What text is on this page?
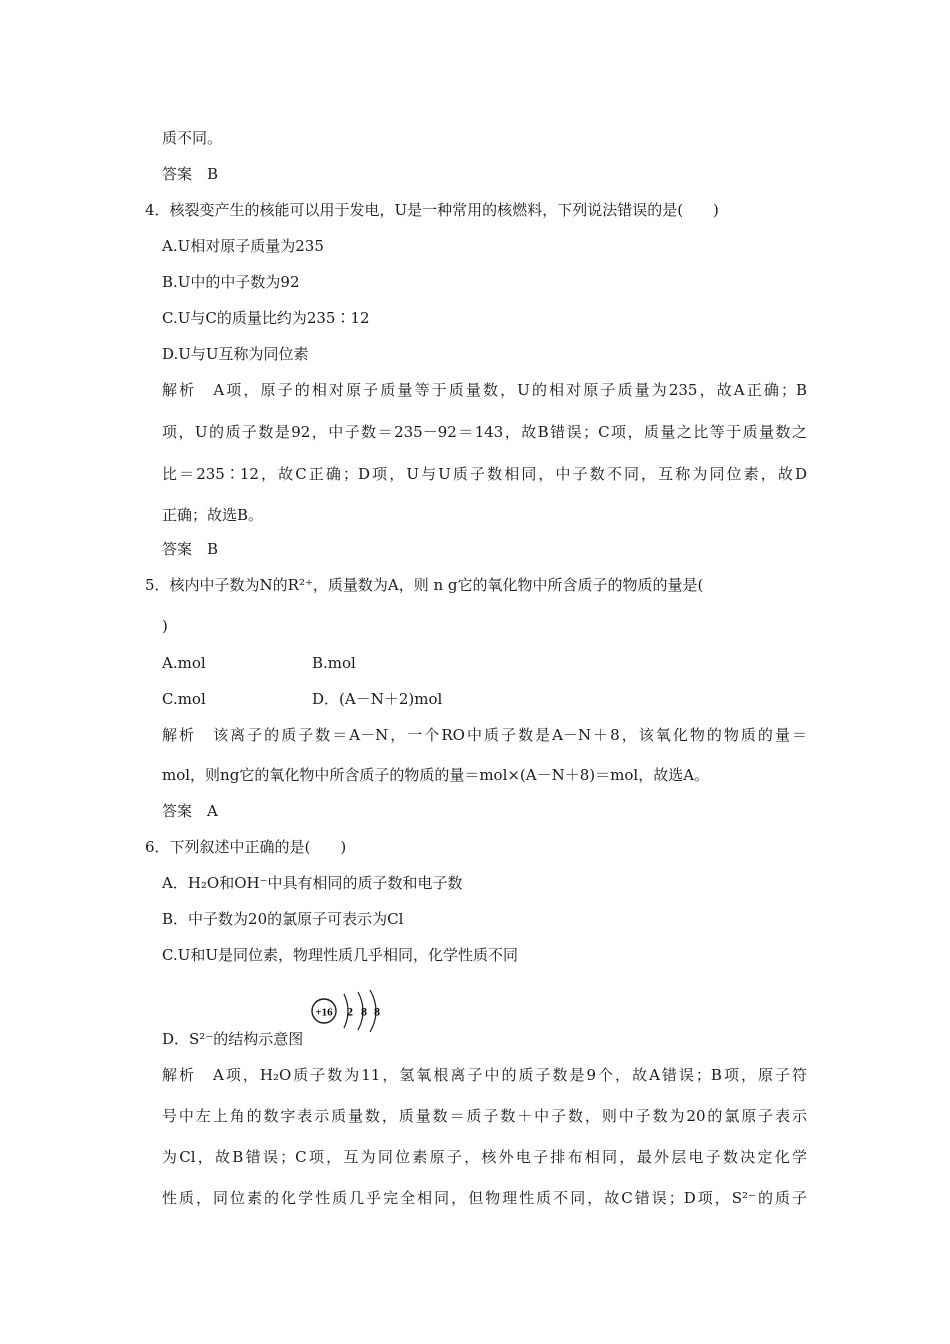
质不同。
答案　B
4．核裂变产生的核能可以用于发电，U是一种常用的核燃料，下列说法错误的是(　　)
A.U相对原子质量为235
B.U中的中子数为92
C.U与C的质量比约为235∶12
D.U与U互称为同位素
解析　A项，原子的相对原子质量等于质量数，U的相对原子质量为235，故A正确；B
项，U的质子数是92，中子数＝235－92＝143，故B错误；C项，质量之比等于质量数之
比＝235∶12，故C正确；D项，U与U质子数相同，中子数不同，互称为同位素，故D
正确；故选B。
答案　B
5．核内中子数为N的R²⁺，质量数为A，则 n g它的氧化物中所含质子的物质的量是(
)
A.mol	B.mol
C.mol	D．(A－N＋2)mol
解析　该离子的质子数＝A－N，一个RO中质子数是A－N＋8，该氧化物的物质的量＝
mol，则ng它的氧化物中所含质子的物质的量＝mol×(A－N＋8)＝mol，故选A。
答案　A
6．下列叙述中正确的是(　　)
A．H₂O和OH⁻中具有相同的质子数和电子数
B．中子数为20的氯原子可表示为Cl
C.U和U是同位素，物理性质几乎相同，化学性质不同
+16 2 8 8
D．S²⁻的结构示意图
解析　A项，H₂O质子数为11，氢氧根离子中的质子数是9个，故A错误；B项，原子符
号中左上角的数字表示质量数，质量数＝质子数＋中子数，则中子数为20的氯原子表示
为Cl，故B错误；C项，互为同位素原子，核外电子排布相同，最外层电子数决定化学
性质，同位素的化学性质几乎完全相同，但物理性质不同，故C错误；D项，S²⁻的质子
